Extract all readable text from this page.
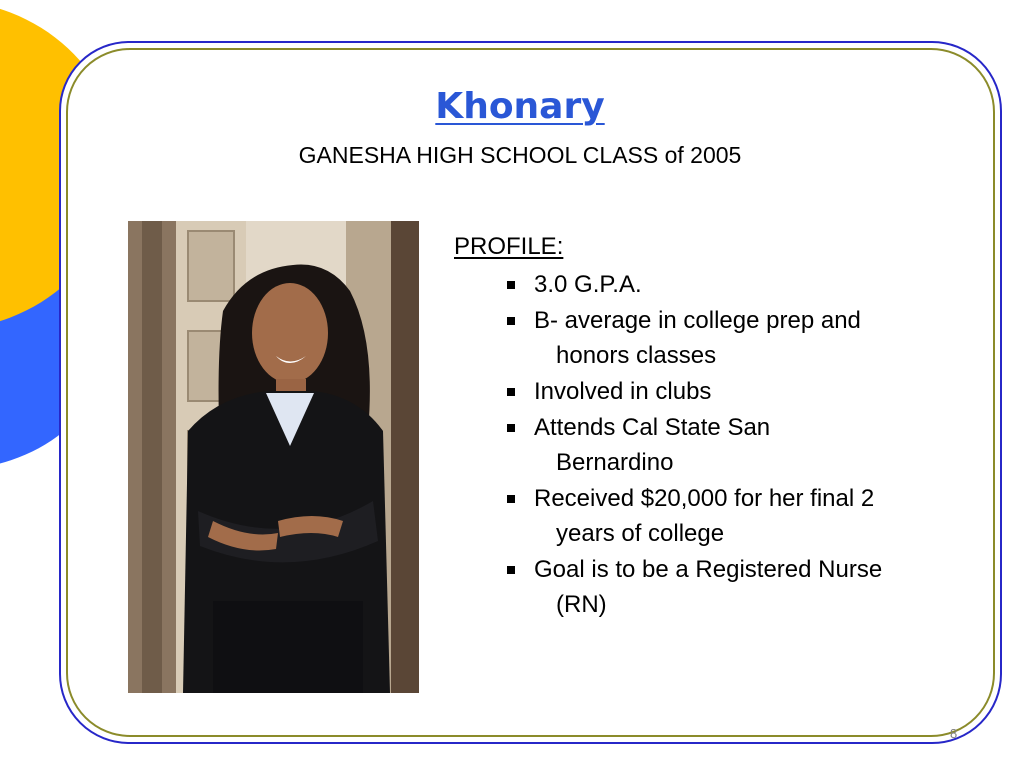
Khonary
GANESHA HIGH SCHOOL CLASS of 2005
PROFILE:
3.0 G.P.A.
B- average in college prep and
honors classes
Involved in clubs
Attends Cal State San
Bernardino
Received $20,000 for her final 2
years of college
Goal is to be a Registered Nurse
(RN)
8
